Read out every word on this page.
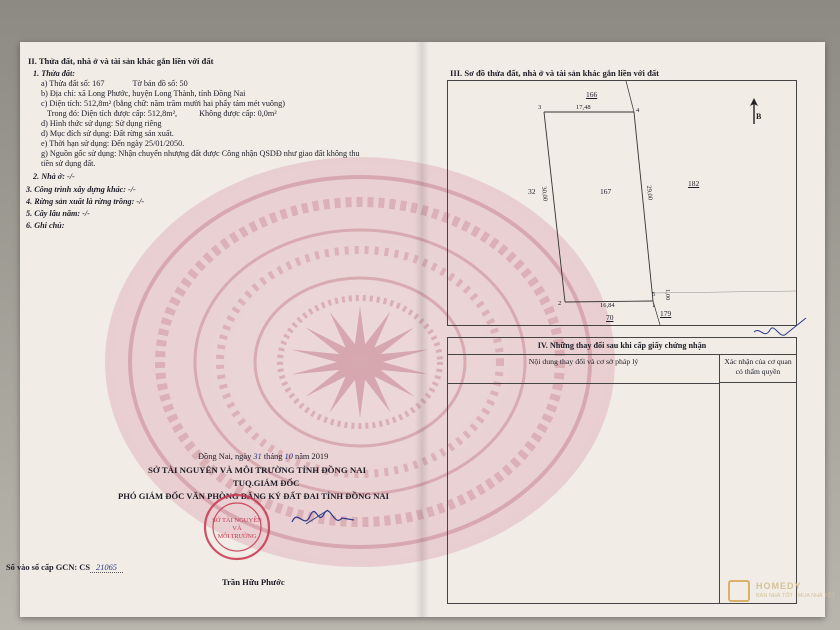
II. Thửa đất, nhà ở và tài sản khác gắn liền với đất
1. Thửa đất:
a) Thửa đất số: 167	Tờ bản đồ số: 50
b) Địa chỉ: xã Long Phước, huyện Long Thành, tỉnh Đồng Nai
c) Diện tích: 512,8m² (bằng chữ: năm trăm mười hai phẩy tám mét vuông)
Trong đó: Diện tích được cấp: 512,8m²,	Không được cấp: 0,0m²
d) Hình thức sử dụng: Sử dụng riêng
d) Mục đích sử dụng: Đất rừng sản xuất.
e) Thời hạn sử dụng: Đến ngày 25/01/2050.
g) Nguồn gốc sử dụng: Nhận chuyển nhượng đất được Công nhận QSDĐ như giao đất không thu
tiền sử dụng đất.
2. Nhà ở: -/-
3. Công trình xây dựng khác: -/-
4. Rừng sản xuất là rừng trồng: -/-
5. Cây lâu năm: -/-
6. Ghi chú:
Đồng Nai, ngày 31 tháng 10 năm 2019
SỞ TÀI NGUYÊN VÀ MÔI TRƯỜNG TỈNH ĐỒNG NAI
TUQ.GIÁM ĐỐC
PHÓ GIÁM ĐỐC VĂN PHÒNG ĐĂNG KÝ ĐẤT ĐAI TỈNH ĐỒNG NAI
SỞ TÀI NGUYÊN
VÀ
MÔI TRƯỜNG
Trần Hữu Phước
Số vào sổ cấp GCN: CS 21065
III. Sơ đồ thửa đất, nhà ở và tài sản khác gắn liền với đất
166
17,48
3	4
32	167
182
30,00	29,00
1,00
5
1
2	16,84
70	179
B
IV. Những thay đổi sau khi cấp giấy chứng nhận
Nội dung thay đổi và cơ sở pháp lý	Xác nhận của cơ quan có thẩm quyền
HOMEDY
BÁN NHÀ TỐT · MUA NHÀ TỐT
